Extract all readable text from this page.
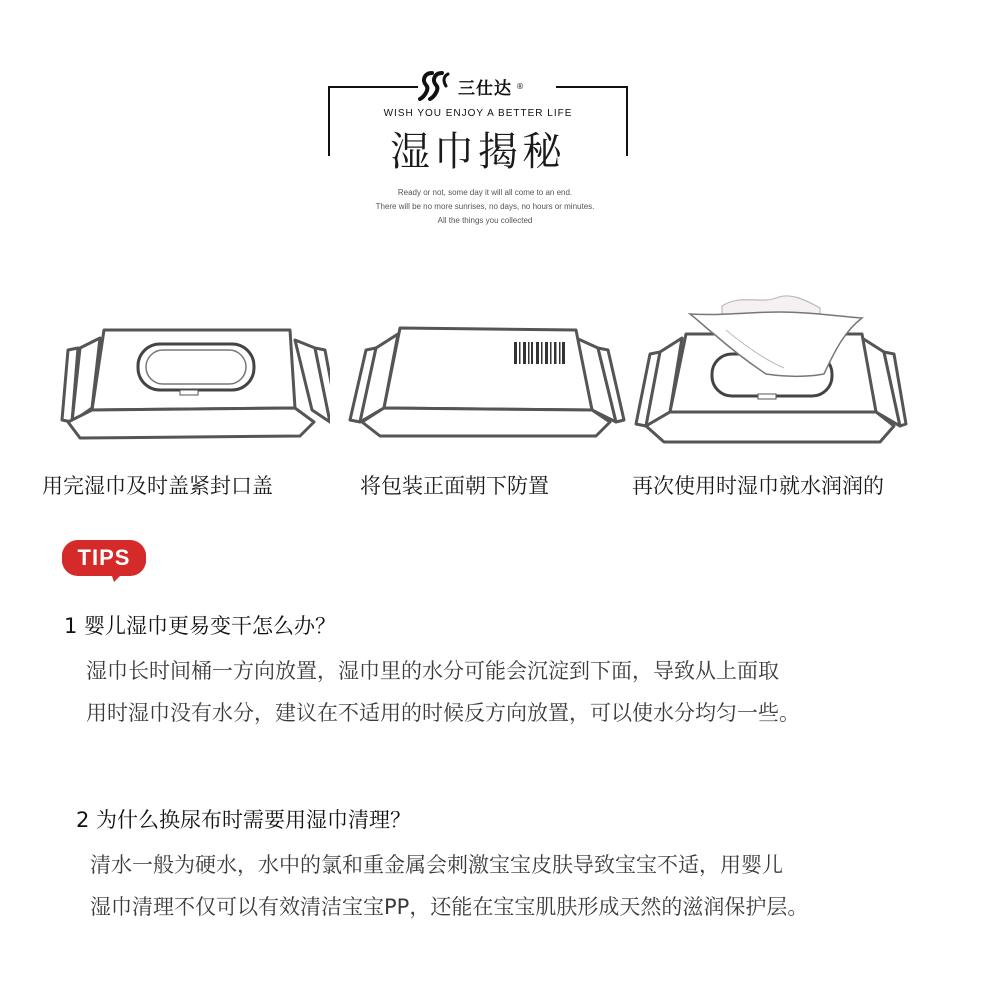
三仕达 ®
WISH YOU ENJOY A BETTER LIFE
湿巾揭秘
Ready or not, some day it will all come to an end.
There will be no more sunrises, no days, no hours or minutes.
All the things you collected
用完湿巾及时盖紧封口盖	将包装正面朝下防置	再次使用时湿巾就水润润的
TIPS
1 婴儿湿巾更易变干怎么办？
湿巾长时间桶一方向放置，湿巾里的水分可能会沉淀到下面，导致从上面取
用时湿巾没有水分，建议在不适用的时候反方向放置，可以使水分均匀一些。
2 为什么换尿布时需要用湿巾清理？
清水一般为硬水，水中的氯和重金属会刺激宝宝皮肤导致宝宝不适，用婴儿
湿巾清理不仅可以有效清洁宝宝PP，还能在宝宝肌肤形成天然的滋润保护层。
